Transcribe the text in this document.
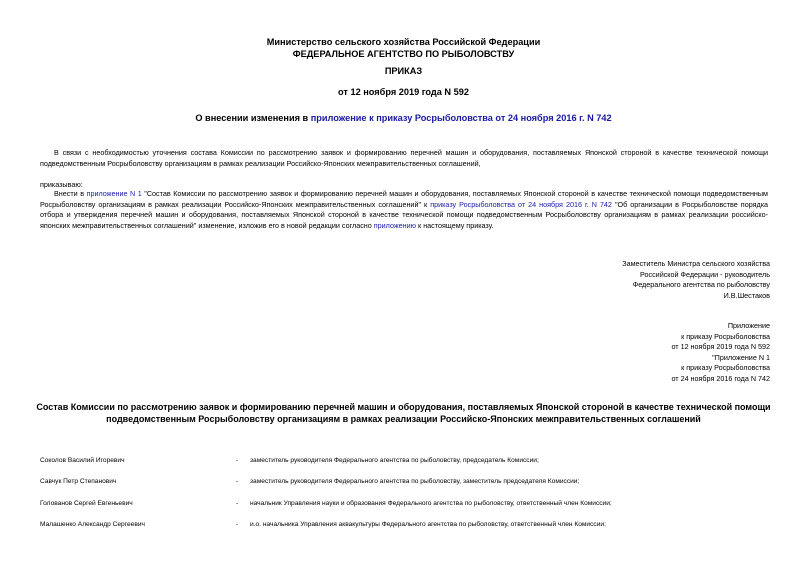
Министерство сельского хозяйства Российской Федерации
ФЕДЕРАЛЬНОЕ АГЕНТСТВО ПО РЫБОЛОВСТВУ
ПРИКАЗ
от 12 ноября 2019 года N 592
О внесении изменения в приложение к приказу Росрыболовства от 24 ноября 2016 г. N 742
В связи с необходимостью уточнения состава Комиссии по рассмотрению заявок и формированию перечней машин и оборудования, поставляемых Японской стороной в качестве технической помощи подведомственным Росрыболовству организациям в рамках реализации Российско-Японских межправительственных соглашений,
приказываю:
Внести в приложение N 1 "Состав Комиссии по рассмотрению заявок и формированию перечней машин и оборудования, поставляемых Японской стороной в качестве технической помощи подведомственным Росрыболовству организациям в рамках реализации Российско-Японских межправительственных соглашений" к приказу Росрыболовства от 24 ноября 2016 г. N 742 "Об организации в Росрыболовстве порядка отбора и утверждения перечней машин и оборудования, поставляемых Японской стороной в качестве технической помощи подведомственным Росрыболовству организациям в рамках реализации российско-японских межправительственных соглашений" изменение, изложив его в новой редакции согласно приложению к настоящему приказу.
Заместитель Министра сельского хозяйства
Российской Федерации - руководитель
Федерального агентства по рыболовству
И.В.Шестаков
Приложение
к приказу Росрыболовства
от 12 ноября 2019 года N 592
"Приложение N 1
к приказу Росрыболовства
от 24 ноября 2016 года N 742
Состав Комиссии по рассмотрению заявок и формированию перечней машин и оборудования, поставляемых Японской стороной в качестве технической помощи
подведомственным Росрыболовству организациям в рамках реализации Российско-Японских межправительственных соглашений
Соколов Василий Игоревич	- заместитель руководителя Федерального агентства по рыболовству, председатель Комиссии;
Савчук Петр Степанович	- заместитель руководителя Федерального агентства по рыболовству, заместитель председателя Комиссии;
Голованов Сергей Евгеньевич	- начальник Управления науки и образования Федерального агентства по рыболовству, ответственный член Комиссии;
Малашенко Александр Сергеевич	- и.о. начальника Управления аквакультуры Федерального агентства по рыболовству, ответственный член Комиссии;
